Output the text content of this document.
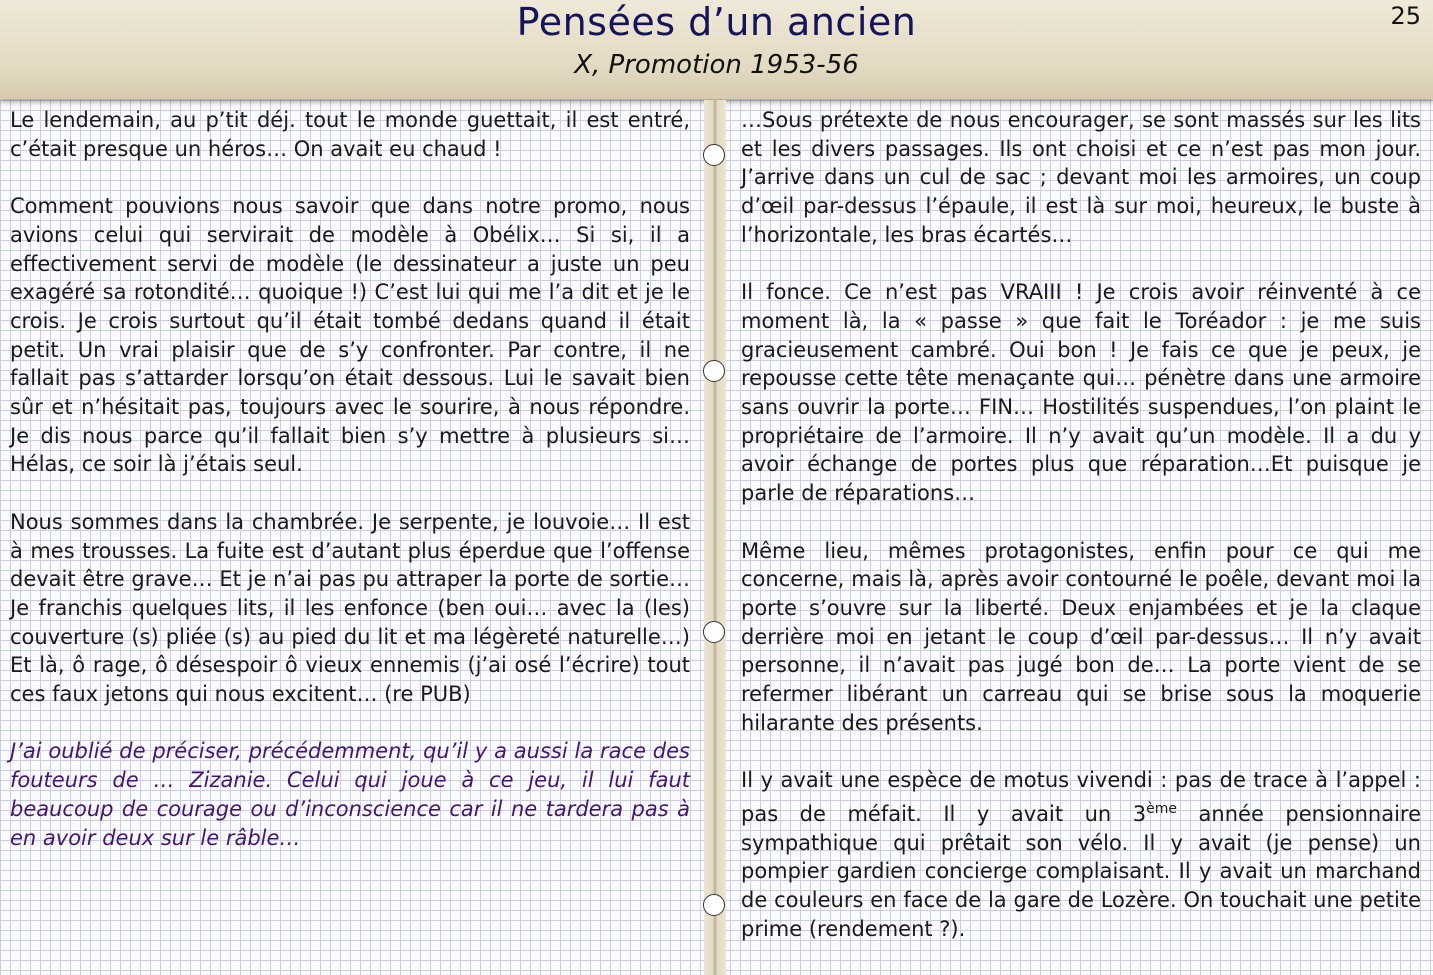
Pensées d’un ancien
X, Promotion 1953-56
25

Le lendemain, au p’tit déj. tout le monde guettait, il est entré, c’était presque un héros… On avait eu chaud !

Comment pouvions nous savoir que dans notre promo, nous avions celui qui servirait de modèle à Obélix… Si si, il a effectivement servi de modèle (le dessinateur a juste un peu exagéré sa rotondité… quoique !) C’est lui qui me l’a dit et je le crois. Je crois surtout qu’il était tombé dedans quand il était petit. Un vrai plaisir que de s’y confronter. Par contre, il ne fallait pas s’attarder lorsqu’on était dessous. Lui le savait bien sûr et n’hésitait pas, toujours avec le sourire, à nous répondre. Je dis nous parce qu’il fallait bien s’y mettre à plusieurs si… Hélas, ce soir là j’étais seul.

Nous sommes dans la chambrée. Je serpente, je louvoie… Il est à mes trousses. La fuite est d’autant plus éperdue que l’offense devait être grave… Et je n’ai pas pu attraper la porte de sortie… Je franchis quelques lits, il les enfonce (ben oui… avec la (les) couverture (s) pliée (s) au pied du lit et ma légèreté naturelle…) Et là, ô rage, ô désespoir ô vieux ennemis (j’ai osé l’écrire) tout ces faux jetons qui nous excitent… (re PUB)

J’ai oublié de préciser, précédemment, qu’il y a aussi la race des fouteurs de … Zizanie. Celui qui joue à ce jeu, il lui faut beaucoup de courage ou d’inconscience car il ne tardera pas à en avoir deux sur le râble…

…Sous prétexte de nous encourager, se sont massés sur les lits et les divers passages. Ils ont choisi et ce n’est pas mon jour. J’arrive dans un cul de sac ; devant moi les armoires, un coup d’œil par-dessus l’épaule, il est là sur moi, heureux, le buste à l’horizontale, les bras écartés…

Il fonce. Ce n’est pas VRAIII ! Je crois avoir réinventé à ce moment là, la « passe » que fait le Toréador : je me suis gracieusement cambré. Oui bon ! Je fais ce que je peux, je repousse cette tête menaçante qui… pénètre dans une armoire sans ouvrir la porte… FIN… Hostilités suspendues, l’on plaint le propriétaire de l’armoire. Il n’y avait qu’un modèle. Il a du y avoir échange de portes plus que réparation…Et puisque je parle de réparations…

Même lieu, mêmes protagonistes, enfin pour ce qui me concerne, mais là, après avoir contourné le poêle, devant moi la porte s’ouvre sur la liberté. Deux enjambées et je la claque derrière moi en jetant le coup d’œil par-dessus… Il n’y avait personne, il n’avait pas jugé bon de… La porte vient de se refermer libérant un carreau qui se brise sous la moquerie hilarante des présents.

Il y avait une espèce de motus vivendi : pas de trace à l’appel : pas de méfait. Il y avait un 3ème année pensionnaire sympathique qui prêtait son vélo. Il y avait (je pense) un pompier gardien concierge complaisant. Il y avait un marchand de couleurs en face de la gare de Lozère. On touchait une petite prime (rendement ?).
